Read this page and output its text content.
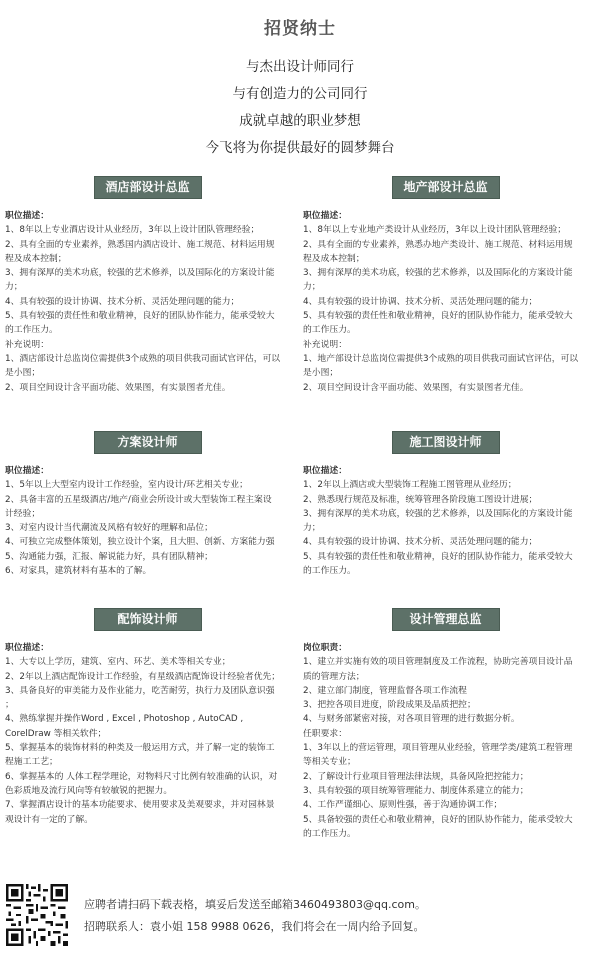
招贤纳士
与杰出设计师同行
与有创造力的公司同行
成就卓越的职业梦想
今飞将为你提供最好的圆梦舞台
酒店部设计总监
职位描述：
1、8年以上专业酒店设计从业经历，3年以上设计团队管理经验；
2、具有全面的专业素养，熟悉国内酒店设计、施工规范、材料运用规
程及成本控制；
3、拥有深厚的美术功底，较强的艺术修养，以及国际化的方案设计能
力；
4、具有较强的设计协调、技术分析、灵活处理问题的能力；
5、具有较强的责任性和敬业精神，良好的团队协作能力，能承受较大
的工作压力。
补充说明：
1、酒店部设计总监岗位需提供3个成熟的项目供我司面试官评估，可以
是小图；
2、项目空间设计含平面功能、效果图，有实景图者尤佳。
地产部设计总监
职位描述：
1、8年以上专业地产类设计从业经历，3年以上设计团队管理经验；
2、具有全面的专业素养，熟悉办地产类设计、施工规范、材料运用规
程及成本控制；
3、拥有深厚的美术功底，较强的艺术修养，以及国际化的方案设计能
力；
4、具有较强的设计协调、技术分析、灵活处理问题的能力；
5、具有较强的责任性和敬业精神，良好的团队协作能力，能承受较大
的工作压力。
补充说明：
1、地产部设计总监岗位需提供3个成熟的项目供我司面试官评估，可以
是小图；
2、项目空间设计含平面功能、效果图，有实景图者尤佳。
方案设计师
职位描述：
1、5年以上大型室内设计工作经验，室内设计/环艺相关专业；
2、具备丰富的五星级酒店/地产/商业会所设计或大型装饰工程主案设
计经验；
3、对室内设计当代潮流及风格有较好的理解和品位；
4、可独立完成整体策划，独立设计个案，且大胆、创新、方案能力强
5、沟通能力强，汇报、解说能力好，具有团队精神；
6、对家具，建筑材料有基本的了解。
施工图设计师
职位描述：
1、2年以上酒店或大型装饰工程施工图管理从业经历；
2、熟悉现行规范及标准，统筹管理各阶段施工图设计进展；
3、拥有深厚的美术功底，较强的艺术修养，以及国际化的方案设计能
力；
4、具有较强的设计协调、技术分析、灵活处理问题的能力；
5、具有较强的责任性和敬业精神，良好的团队协作能力，能承受较大
的工作压力。
配饰设计师
职位描述：
1、大专以上学历，建筑、室内、环艺、美术等相关专业；
2、2年以上酒店配饰设计工作经验，有星级酒店配饰设计经验者优先；
3、具备良好的审美能力及作业能力，吃苦耐劳，执行力及团队意识强
；
4、熟练掌握并操作Word , Excel , Photoshop , AutoCAD ,
CorelDraw 等相关软件；
5、掌握基本的装饰材料的种类及一般运用方式，并了解一定的装饰工
程施工工艺；
6、掌握基本的 人体工程学理论，对物料尺寸比例有较准确的认识，对
色彩质地及流行风向等有较敏锐的把握力。
7、掌握酒店设计的基本功能要求、使用要求及美观要求，并对园林景
观设计有一定的了解。
设计管理总监
岗位职责：
1、建立并实施有效的项目管理制度及工作流程，协助完善项目设计品
质的管理方法；
2、建立部门制度，管理监督各项工作流程
3、把控各项目进度，阶段成果及品质把控；
4、与财务部紧密对接，对各项目管理的进行数据分析。
任职要求：
1、3年以上的营运管理，项目管理从业经验，管理学类/建筑工程管理
等相关专业；
2、了解设计行业项目管理法律法规，具备风险把控能力；
3、具有较强的项目统筹管理能力、制度体系建立的能力；
4、工作严谨细心、原则性强，善于沟通协调工作；
5、具备较强的责任心和敬业精神，良好的团队协作能力，能承受较大
的工作压力。
应聘者请扫码下载表格，填妥后发送至邮箱3460493803@qq.com。
招聘联系人：袁小姐 158 9988 0626，我们将会在一周内给予回复。
